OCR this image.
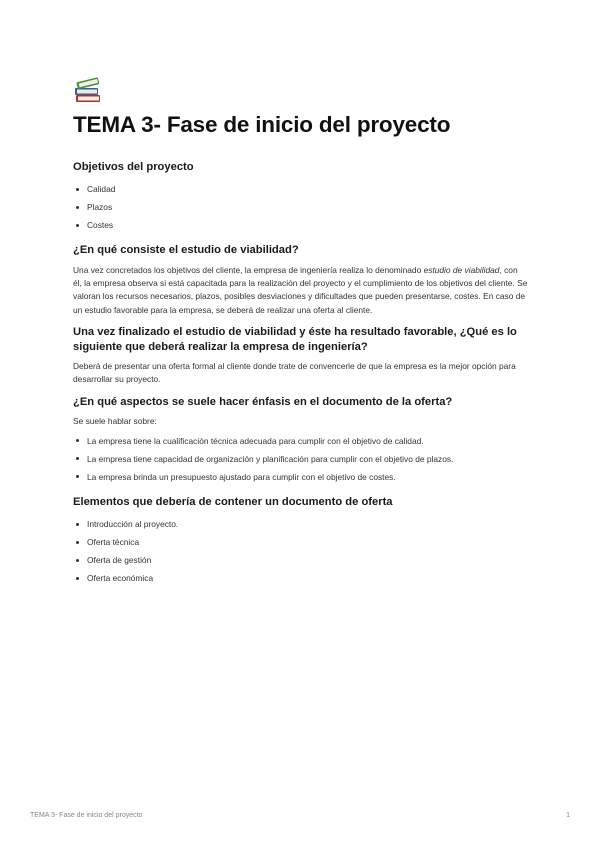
TEMA 3- Fase de inicio del proyecto
Objetivos del proyecto
Calidad
Plazos
Costes
¿En qué consiste el estudio de viabilidad?

Una vez concretados los objetivos del cliente, la empresa de ingeniería realiza lo denominado estudio de viabilidad, con él, la empresa observa si está capacitada para la realización del proyecto y el cumplimiento de los objetivos del cliente. Se valoran los recursos necesarios, plazos, posibles desviaciones y dificultades que pueden presentarse, costes. En caso de un estudio favorable para la empresa, se deberá de realizar una oferta al cliente.

Una vez finalizado el estudio de viabilidad y éste ha resultado favorable, ¿Qué es lo siguiente que deberá realizar la empresa de ingeniería?

Deberá de presentar una oferta formal al cliente donde trate de convencerle de que la empresa es la mejor opción para desarrollar su proyecto.

¿En qué aspectos se suele hacer énfasis en el documento de la oferta?

Se suele hablar sobre:

La empresa tiene la cualificación técnica adecuada para cumplir con el objetivo de calidad.
La empresa tiene capacidad de organización y planificación para cumplir con el objetivo de plazos.
La empresa brinda un presupuesto ajustado para cumplir con el objetivo de costes.
Elementos que debería de contener un documento de oferta
Introducción al proyecto.
Oferta técnica
Oferta de gestión
Oferta económica
TEMA 3- Fase de inicio del proyecto	1
